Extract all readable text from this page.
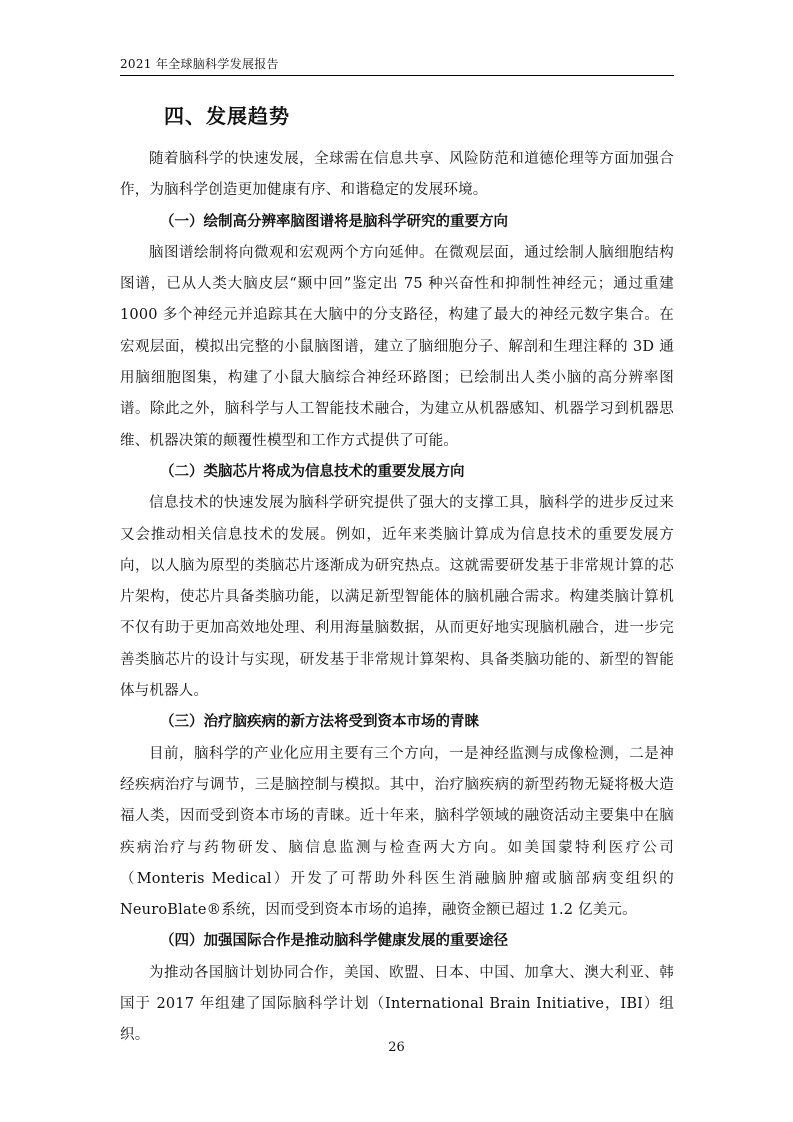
2021 年全球脑科学发展报告
四、发展趋势

随着脑科学的快速发展，全球需在信息共享、风险防范和道德伦理等方面加强合作，为脑科学创造更加健康有序、和谐稳定的发展环境。

（一）绘制高分辨率脑图谱将是脑科学研究的重要方向

脑图谱绘制将向微观和宏观两个方向延伸。在微观层面，通过绘制人脑细胞结构图谱，已从人类大脑皮层“颞中回”鉴定出 75 种兴奋性和抑制性神经元；通过重建 1000 多个神经元并追踪其在大脑中的分支路径，构建了最大的神经元数字集合。在宏观层面，模拟出完整的小鼠脑图谱，建立了脑细胞分子、解剖和生理注释的 3D 通用脑细胞图集，构建了小鼠大脑综合神经环路图；已绘制出人类小脑的高分辨率图谱。除此之外，脑科学与人工智能技术融合，为建立从机器感知、机器学习到机器思维、机器决策的颠覆性模型和工作方式提供了可能。

（二）类脑芯片将成为信息技术的重要发展方向

信息技术的快速发展为脑科学研究提供了强大的支撑工具，脑科学的进步反过来又会推动相关信息技术的发展。例如，近年来类脑计算成为信息技术的重要发展方向，以人脑为原型的类脑芯片逐渐成为研究热点。这就需要研发基于非常规计算的芯片架构，使芯片具备类脑功能，以满足新型智能体的脑机融合需求。构建类脑计算机不仅有助于更加高效地处理、利用海量脑数据，从而更好地实现脑机融合，进一步完善类脑芯片的设计与实现，研发基于非常规计算架构、具备类脑功能的、新型的智能体与机器人。

（三）治疗脑疾病的新方法将受到资本市场的青睐

目前，脑科学的产业化应用主要有三个方向，一是神经监测与成像检测，二是神经疾病治疗与调节，三是脑控制与模拟。其中，治疗脑疾病的新型药物无疑将极大造福人类，因而受到资本市场的青睐。近十年来，脑科学领域的融资活动主要集中在脑疾病治疗与药物研发、脑信息监测与检查两大方向。如美国蒙特利医疗公司（Monteris Medical）开发了可帮助外科医生消融脑肿瘤或脑部病变组织的 NeuroBlate®系统，因而受到资本市场的追捧，融资金额已超过 1.2 亿美元。

（四）加强国际合作是推动脑科学健康发展的重要途径

为推动各国脑计划协同合作，美国、欧盟、日本、中国、加拿大、澳大利亚、韩国于 2017 年组建了国际脑科学计划（International Brain Initiative，IBI）组织。

26
